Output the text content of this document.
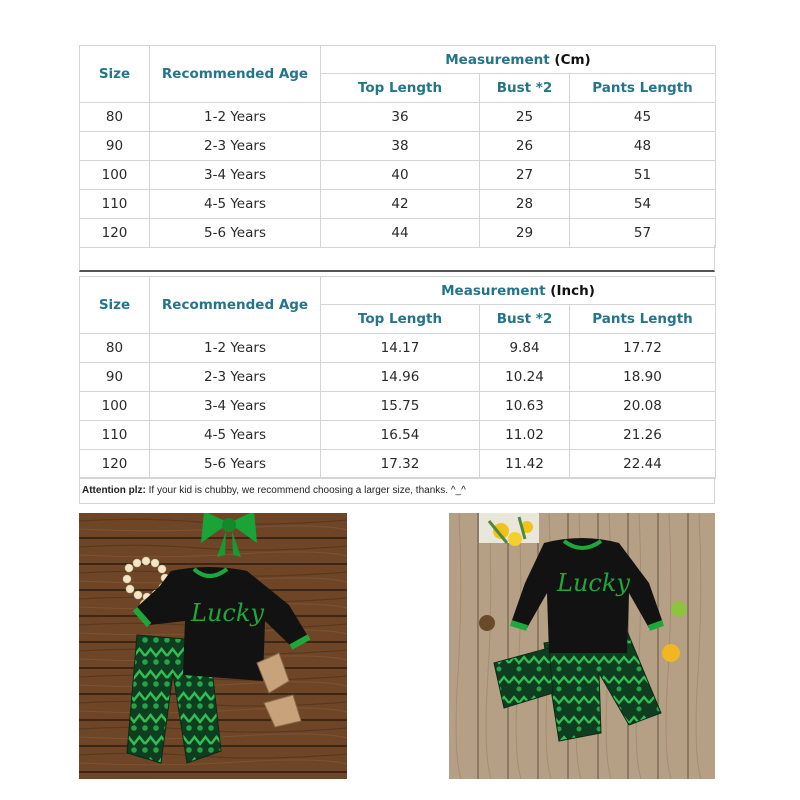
Size	Recommended Age	Measurement (Cm)		
		Top Length	Bust *2	Pants Length
80	1-2 Years	36	25	45
90	2-3 Years	38	26	48
100	3-4 Years	40	27	51
110	4-5 Years	42	28	54
120	5-6 Years	44	29	57
Size	Recommended Age	Measurement (Inch)		
		Top Length	Bust *2	Pants Length
80	1-2 Years	14.17	9.84	17.72
90	2-3 Years	14.96	10.24	18.90
100	3-4 Years	15.75	10.63	20.08
110	4-5 Years	16.54	11.02	21.26
120	5-6 Years	17.32	11.42	22.44
Attention plz: If your kid is chubby, we recommend choosing a larger size, thanks. ^_^
Lucky
Lucky
